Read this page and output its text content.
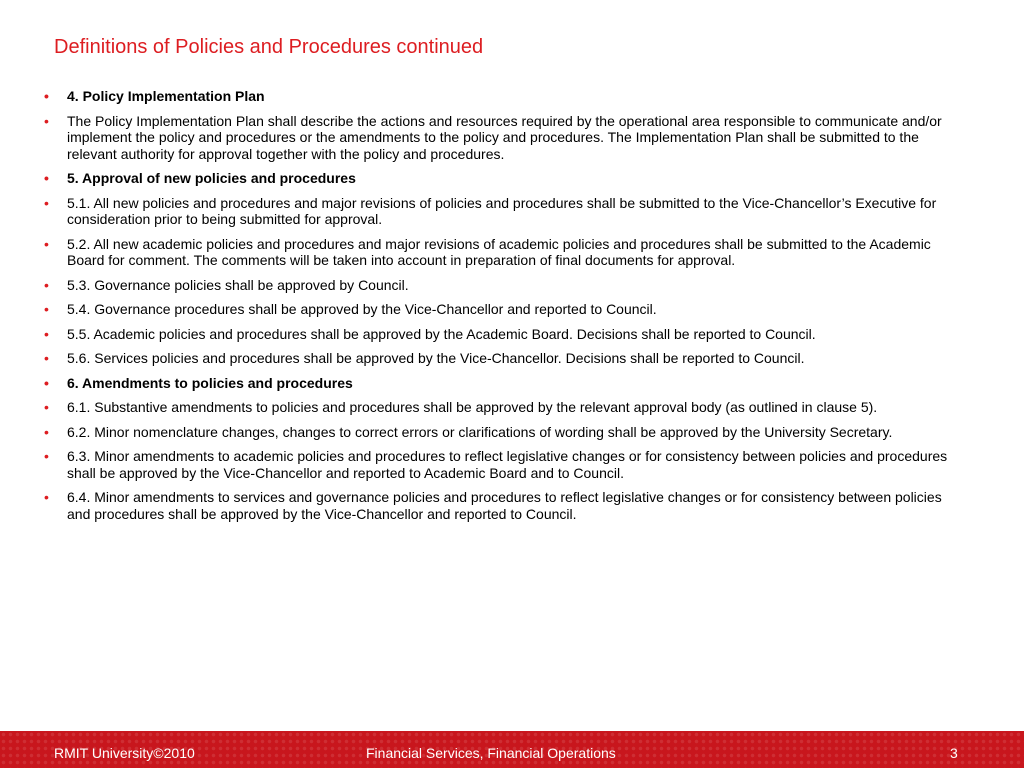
Definitions of Policies and Procedures continued
• 4. Policy Implementation Plan
• The Policy Implementation Plan shall describe the actions and resources required by the operational area responsible to communicate and/or implement the policy and procedures or the amendments to the policy and procedures. The Implementation Plan shall be submitted to the relevant authority for approval together with the policy and procedures.
• 5. Approval of new policies and procedures
• 5.1. All new policies and procedures and major revisions of policies and procedures shall be submitted to the Vice-Chancellor’s Executive for consideration prior to being submitted for approval.
• 5.2. All new academic policies and procedures and major revisions of academic policies and procedures shall be submitted to the Academic Board for comment. The comments will be taken into account in preparation of final documents for approval.
• 5.3. Governance policies shall be approved by Council.
• 5.4. Governance procedures shall be approved by the Vice-Chancellor and reported to Council.
• 5.5. Academic policies and procedures shall be approved by the Academic Board. Decisions shall be reported to Council.
• 5.6. Services policies and procedures shall be approved by the Vice-Chancellor. Decisions shall be reported to Council.
• 6. Amendments to policies and procedures
• 6.1. Substantive amendments to policies and procedures shall be approved by the relevant approval body (as outlined in clause 5).
• 6.2. Minor nomenclature changes, changes to correct errors or clarifications of wording shall be approved by the University Secretary.
• 6.3. Minor amendments to academic policies and procedures to reflect legislative changes or for consistency between policies and procedures shall be approved by the Vice-Chancellor and reported to Academic Board and to Council.
• 6.4. Minor amendments to services and governance policies and procedures to reflect legislative changes or for consistency between policies and procedures shall be approved by the Vice-Chancellor and reported to Council.
RMIT University©2010	Financial Services, Financial Operations	3
